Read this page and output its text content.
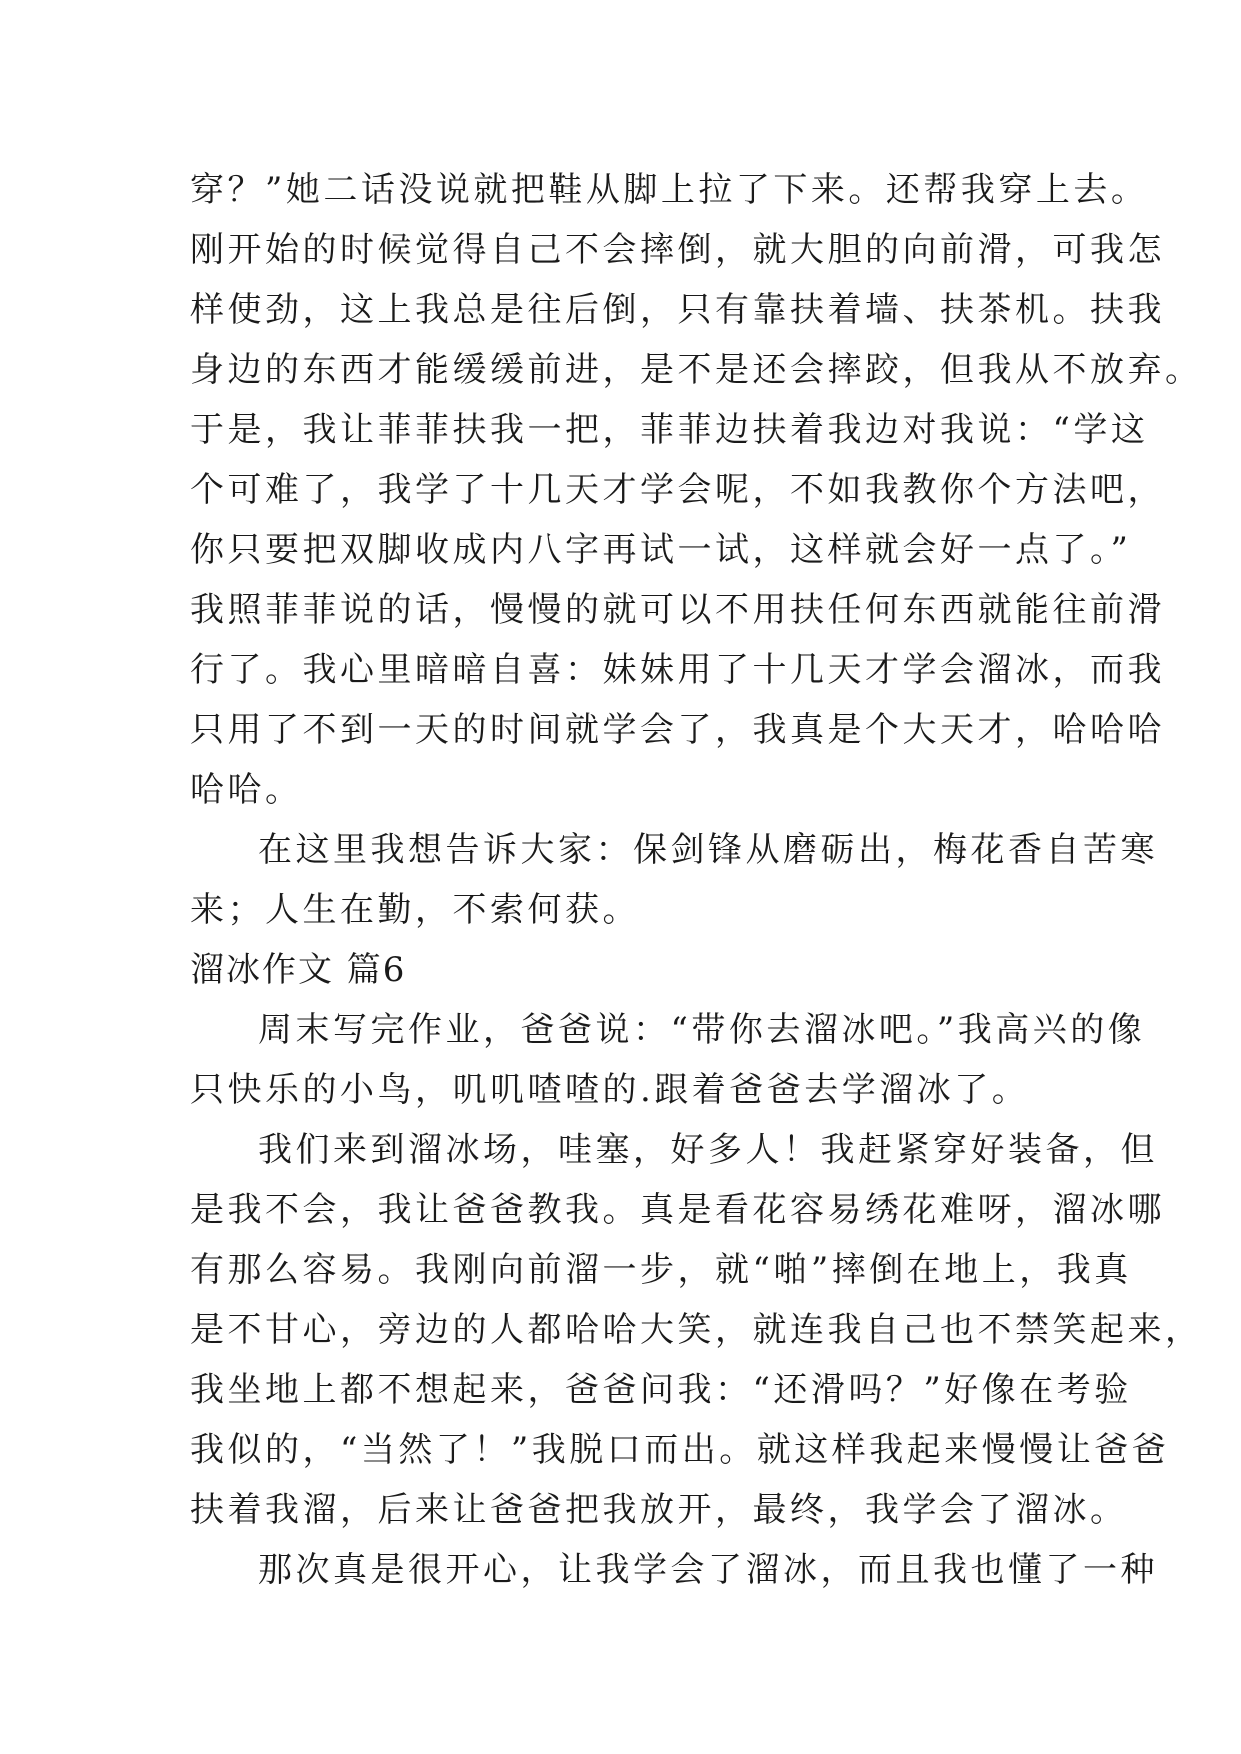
穿？”她二话没说就把鞋从脚上拉了下来。还帮我穿上去。
刚开始的时候觉得自己不会摔倒，就大胆的向前滑，可我怎
样使劲，这上我总是往后倒，只有靠扶着墙、扶茶机。扶我
身边的东西才能缓缓前进，是不是还会摔跤，但我从不放弃。
于是，我让菲菲扶我一把，菲菲边扶着我边对我说：“学这
个可难了，我学了十几天才学会呢，不如我教你个方法吧，
你只要把双脚收成内八字再试一试，这样就会好一点了。”
我照菲菲说的话，慢慢的就可以不用扶任何东西就能往前滑
行了。我心里暗暗自喜：妹妹用了十几天才学会溜冰，而我
只用了不到一天的时间就学会了，我真是个大天才，哈哈哈
哈哈。
在这里我想告诉大家：保剑锋从磨砺出，梅花香自苦寒
来；人生在勤，不索何获。
溜冰作文 篇6
周末写完作业，爸爸说：“带你去溜冰吧。”我高兴的像
只快乐的小鸟，叽叽喳喳的.跟着爸爸去学溜冰了。
我们来到溜冰场，哇塞，好多人！我赶紧穿好装备，但
是我不会，我让爸爸教我。真是看花容易绣花难呀，溜冰哪
有那么容易。我刚向前溜一步，就“啪”摔倒在地上，我真
是不甘心，旁边的人都哈哈大笑，就连我自己也不禁笑起来，
我坐地上都不想起来，爸爸问我：“还滑吗？”好像在考验
我似的，“当然了！”我脱口而出。就这样我起来慢慢让爸爸
扶着我溜，后来让爸爸把我放开，最终，我学会了溜冰。
那次真是很开心，让我学会了溜冰，而且我也懂了一种
